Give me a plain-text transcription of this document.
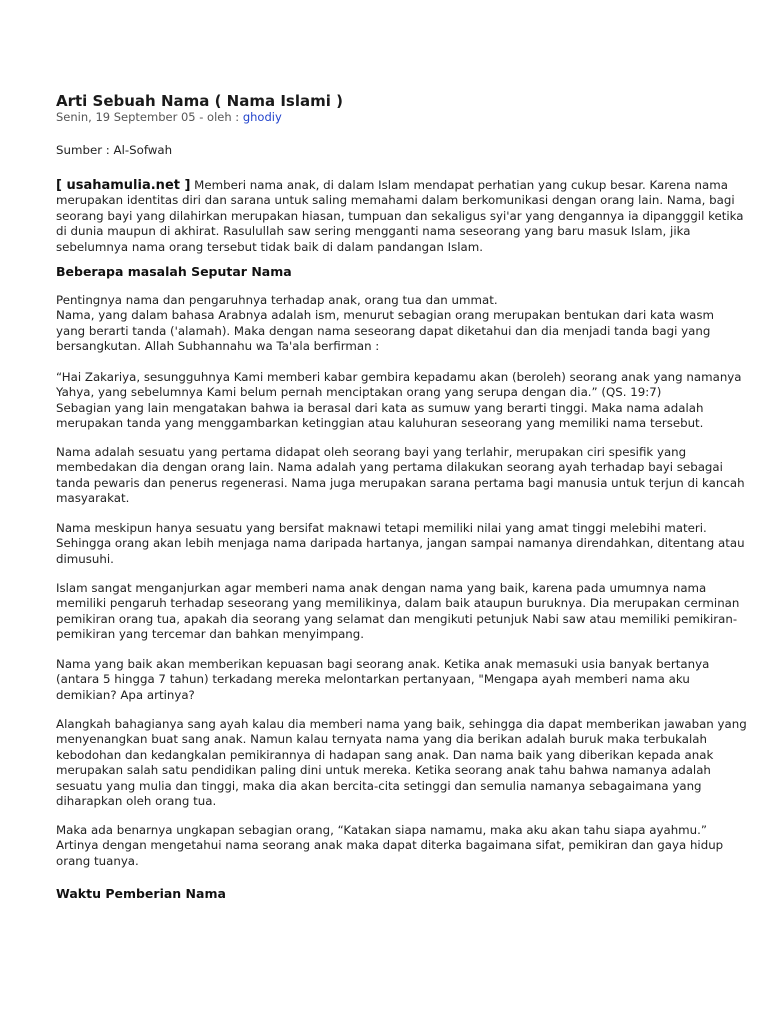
Arti Sebuah Nama ( Nama Islami )
Senin, 19 September 05 - oleh : ghodiy
Sumber : Al-Sofwah
[ usahamulia.net ] Memberi nama anak, di dalam Islam mendapat perhatian yang cukup besar. Karena nama
merupakan identitas diri dan sarana untuk saling memahami dalam berkomunikasi dengan orang lain. Nama, bagi
seorang bayi yang dilahirkan merupakan hiasan, tumpuan dan sekaligus syi'ar yang dengannya ia dipangggil ketika
di dunia maupun di akhirat. Rasulullah saw sering mengganti nama seseorang yang baru masuk Islam, jika
sebelumnya nama orang tersebut tidak baik di dalam pandangan Islam.
Beberapa masalah Seputar Nama
Pentingnya nama dan pengaruhnya terhadap anak, orang tua dan ummat.
Nama, yang dalam bahasa Arabnya adalah ism, menurut sebagian orang merupakan bentukan dari kata wasm
yang berarti tanda ('alamah). Maka dengan nama seseorang dapat diketahui dan dia menjadi tanda bagi yang
bersangkutan. Allah Subhannahu wa Ta'ala berfirman :
“Hai Zakariya, sesungguhnya Kami memberi kabar gembira kepadamu akan (beroleh) seorang anak yang namanya
Yahya, yang sebelumnya Kami belum pernah menciptakan orang yang serupa dengan dia.” (QS. 19:7)
Sebagian yang lain mengatakan bahwa ia berasal dari kata as sumuw yang berarti tinggi. Maka nama adalah
merupakan tanda yang menggambarkan ketinggian atau kaluhuran seseorang yang memiliki nama tersebut.
Nama adalah sesuatu yang pertama didapat oleh seorang bayi yang terlahir, merupakan ciri spesifik yang
membedakan dia dengan orang lain. Nama adalah yang pertama dilakukan seorang ayah terhadap bayi sebagai
tanda pewaris dan penerus regenerasi. Nama juga merupakan sarana pertama bagi manusia untuk terjun di kancah
masyarakat.
Nama meskipun hanya sesuatu yang bersifat maknawi tetapi memiliki nilai yang amat tinggi melebihi materi.
Sehingga orang akan lebih menjaga nama daripada hartanya, jangan sampai namanya direndahkan, ditentang atau
dimusuhi.
Islam sangat menganjurkan agar memberi nama anak dengan nama yang baik, karena pada umumnya nama
memiliki pengaruh terhadap seseorang yang memilikinya, dalam baik ataupun buruknya. Dia merupakan cerminan
pemikiran orang tua, apakah dia seorang yang selamat dan mengikuti petunjuk Nabi saw atau memiliki pemikiran-
pemikiran yang tercemar dan bahkan menyimpang.
Nama yang baik akan memberikan kepuasan bagi seorang anak. Ketika anak memasuki usia banyak bertanya
(antara 5 hingga 7 tahun) terkadang mereka melontarkan pertanyaan, "Mengapa ayah memberi nama aku
demikian? Apa artinya?
Alangkah bahagianya sang ayah kalau dia memberi nama yang baik, sehingga dia dapat memberikan jawaban yang
menyenangkan buat sang anak. Namun kalau ternyata nama yang dia berikan adalah buruk maka terbukalah
kebodohan dan kedangkalan pemikirannya di hadapan sang anak. Dan nama baik yang diberikan kepada anak
merupakan salah satu pendidikan paling dini untuk mereka. Ketika seorang anak tahu bahwa namanya adalah
sesuatu yang mulia dan tinggi, maka dia akan bercita-cita setinggi dan semulia namanya sebagaimana yang
diharapkan oleh orang tua.
Maka ada benarnya ungkapan sebagian orang, “Katakan siapa namamu, maka aku akan tahu siapa ayahmu.”
Artinya dengan mengetahui nama seorang anak maka dapat diterka bagaimana sifat, pemikiran dan gaya hidup
orang tuanya.
Waktu Pemberian Nama
